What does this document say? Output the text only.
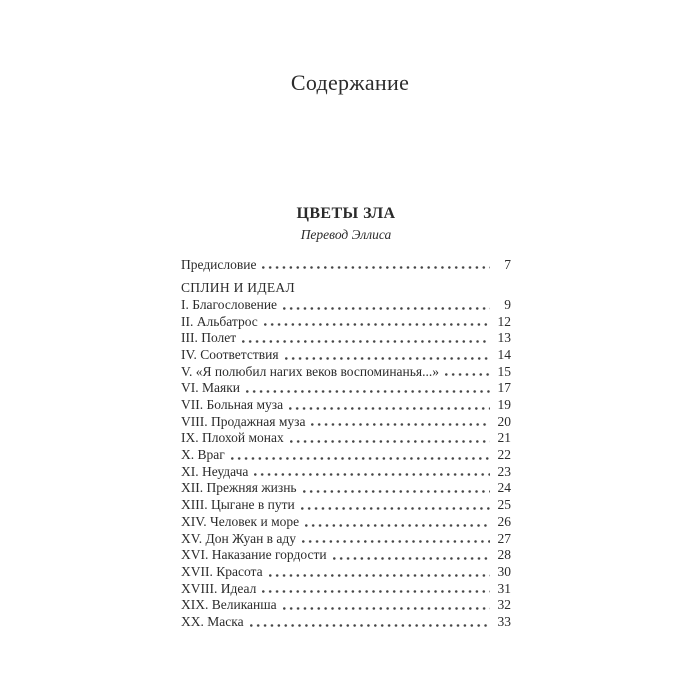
Содержание
ЦВЕТЫ ЗЛА
Перевод Эллиса
Предисловие	7
СПЛИН И ИДЕАЛ
I. Благословение	9
II. Альбатрос	12
III. Полет	13
IV. Соответствия	14
V. «Я полюбил нагих веков воспоминанья...»	15
VI. Маяки	17
VII. Больная муза	19
VIII. Продажная муза	20
IX. Плохой монах	21
X. Враг	22
XI. Неудача	23
XII. Прежняя жизнь	24
XIII. Цыгане в пути	25
XIV. Человек и море	26
XV. Дон Жуан в аду	27
XVI. Наказание гордости	28
XVII. Красота	30
XVIII. Идеал	31
XIX. Великанша	32
XX. Маска	33
